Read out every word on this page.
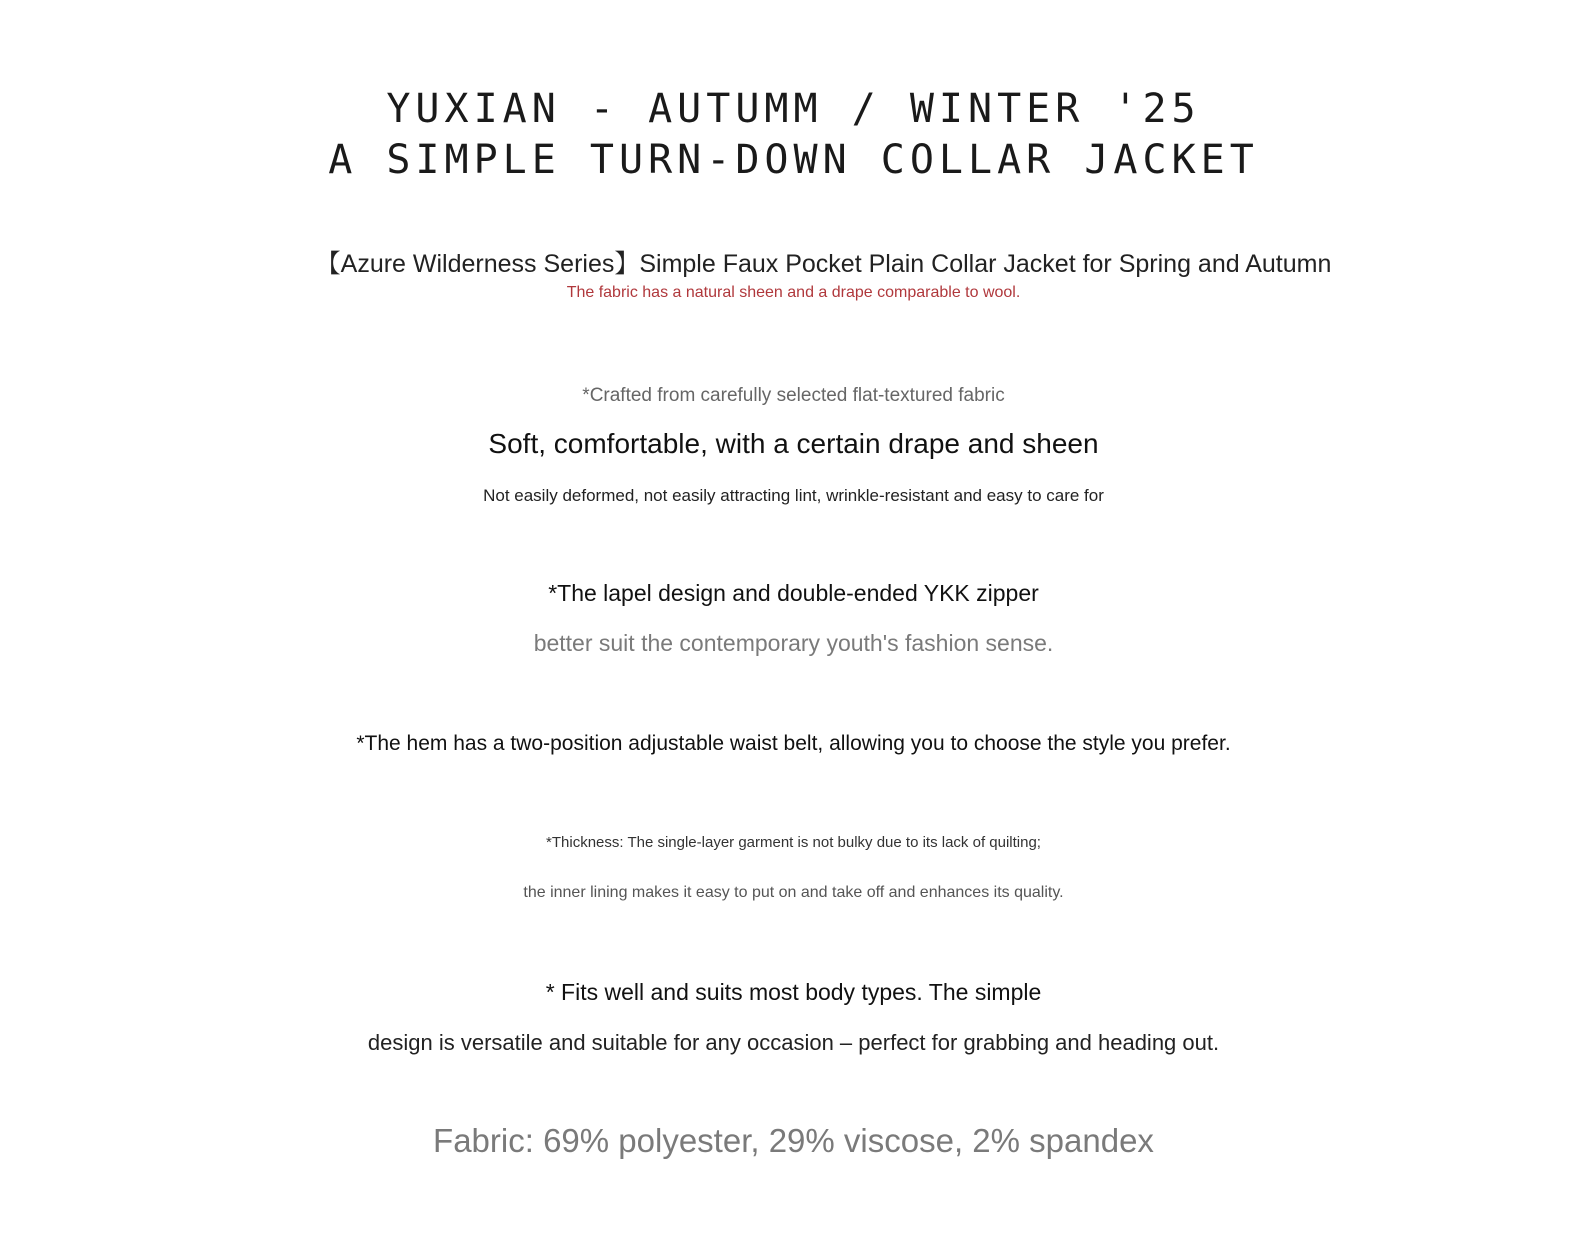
YUXIAN - AUTUMM / WINTER '25
A SIMPLE TURN-DOWN COLLAR JACKET

【Azure Wilderness Series】Simple Faux Pocket Plain Collar Jacket for Spring and Autumn

The fabric has a natural sheen and a drape comparable to wool.

*Crafted from carefully selected flat-textured fabric

Soft, comfortable, with a certain drape and sheen

Not easily deformed, not easily attracting lint, wrinkle-resistant and easy to care for

*The lapel design and double-ended YKK zipper

better suit the contemporary youth's fashion sense.

*The hem has a two-position adjustable waist belt, allowing you to choose the style you prefer.

*Thickness: The single-layer garment is not bulky due to its lack of quilting;

the inner lining makes it easy to put on and take off and enhances its quality.

* Fits well and suits most body types. The simple

design is versatile and suitable for any occasion – perfect for grabbing and heading out.

Fabric: 69% polyester, 29% viscose, 2% spandex
